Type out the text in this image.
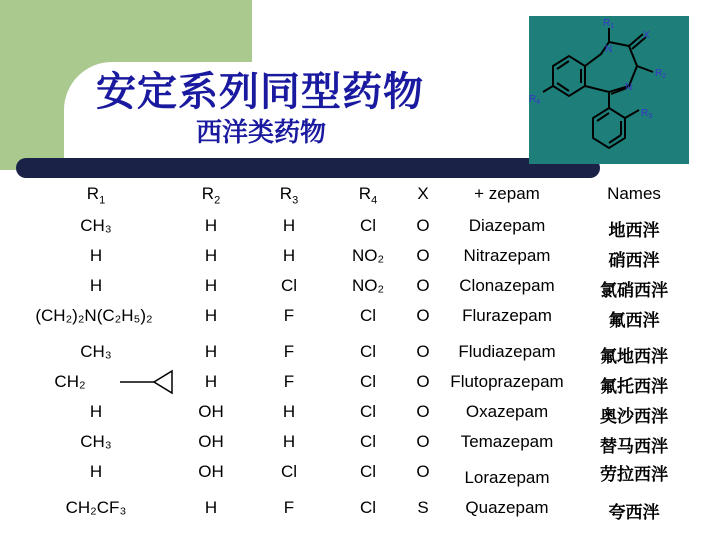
安定系列同型药物
西洋类药物
$R_1$
X
N
$R_2$
$R_4$
N
$R_3$
$R_1$	$R_2$	$R_3$	$R_4$ X	+ zepam	Names
CH₃	H	H	Cl O Diazepam	地西泮
H	H	H	NO₂ O Nitrazepam	硝西泮
H	H	Cl	NO₂ O Clonazepam	氯硝西泮
(CH₂)₂N(C₂H₅)₂	H	F	Cl O Flurazepam	氟西泮
CH₃	H	F	Cl O Fludiazepam	氟地西泮
CH₂	H	F	Cl O Flutoprazepam 氟托西泮
H	OH	H	Cl O Oxazepam	奥沙西泮
CH₃	OH	H	Cl O Temazepam	替马西泮
H	OH	Cl	Cl O Lorazepam	劳拉西泮
CH₂CF₃	H	F	Cl S Quazepam	夸西泮
